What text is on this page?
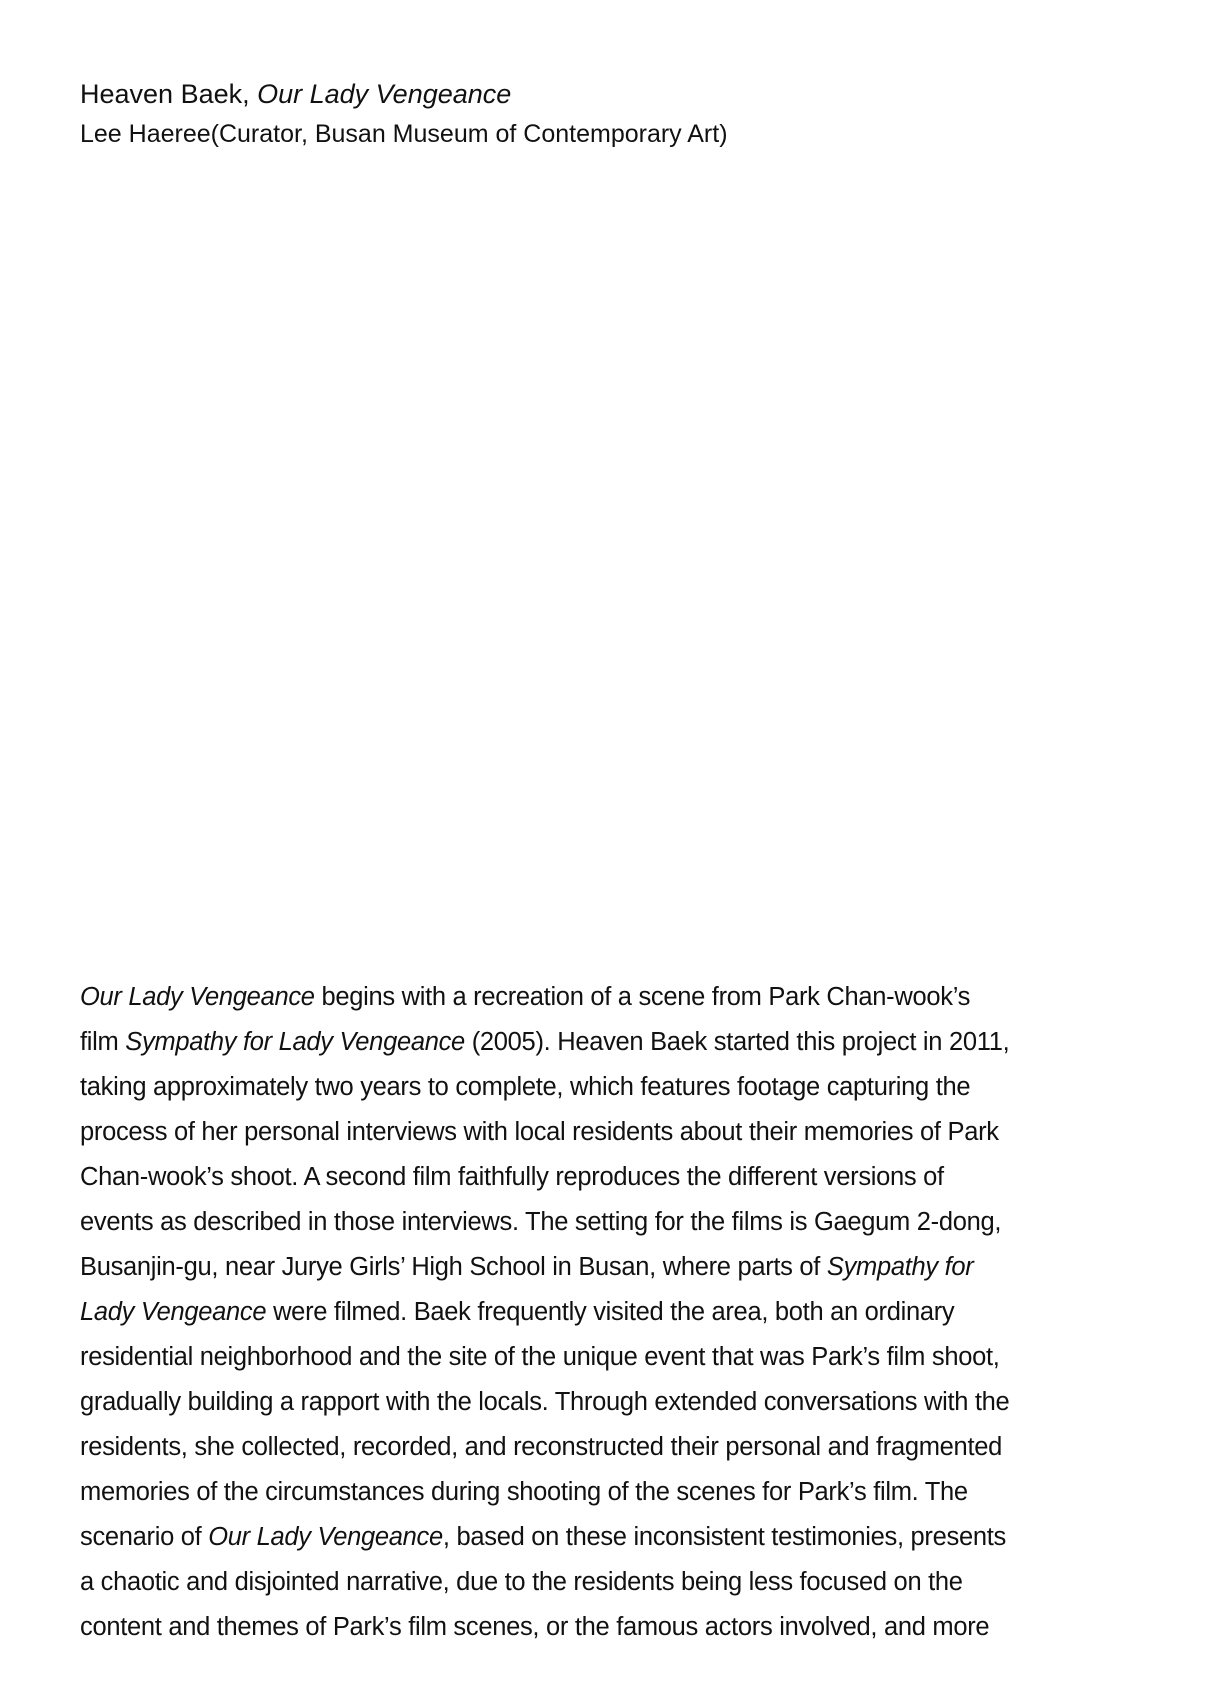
Heaven Baek, Our Lady Vengeance
Lee Haeree(Curator, Busan Museum of Contemporary Art)

Our Lady Vengeance begins with a recreation of a scene from Park Chan-wook’s
film Sympathy for Lady Vengeance (2005). Heaven Baek started this project in 2011,
taking approximately two years to complete, which features footage capturing the
process of her personal interviews with local residents about their memories of Park
Chan-wook’s shoot. A second film faithfully reproduces the different versions of
events as described in those interviews. The setting for the films is Gaegum 2-dong,
Busanjin-gu, near Jurye Girls’ High School in Busan, where parts of Sympathy for
Lady Vengeance were filmed. Baek frequently visited the area, both an ordinary
residential neighborhood and the site of the unique event that was Park’s film shoot,
gradually building a rapport with the locals. Through extended conversations with the
residents, she collected, recorded, and reconstructed their personal and fragmented
memories of the circumstances during shooting of the scenes for Park’s film. The
scenario of Our Lady Vengeance, based on these inconsistent testimonies, presents
a chaotic and disjointed narrative, due to the residents being less focused on the
content and themes of Park’s film scenes, or the famous actors involved, and more
